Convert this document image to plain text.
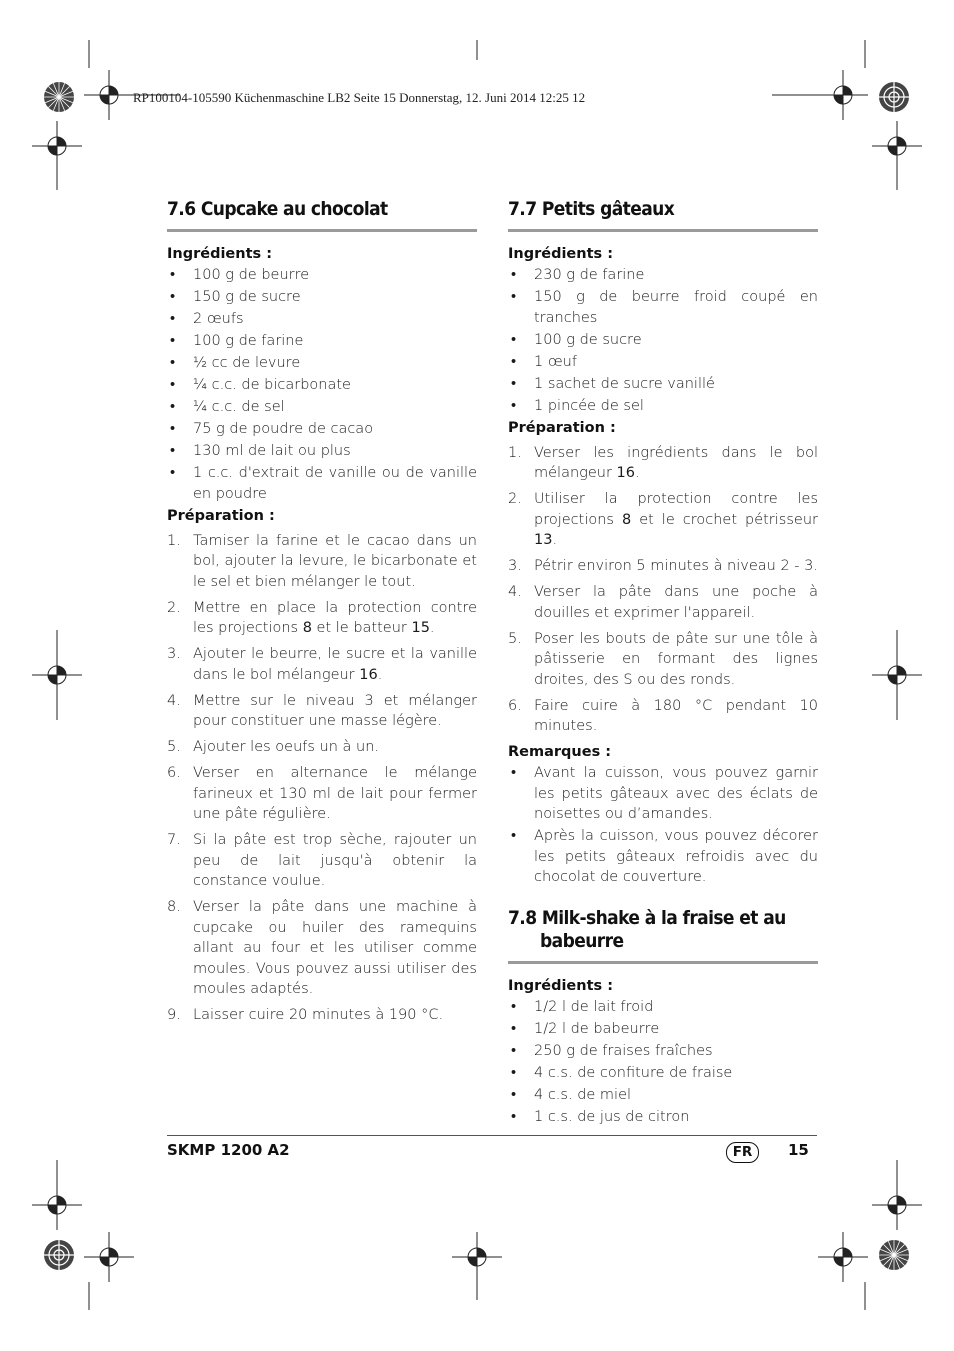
RP100104-105590 Küchenmaschine LB2 Seite 15 Donnerstag, 12. Juni 2014 12:25 12
7.6 Cupcake au chocolat
Ingrédients :
• 100 g de beurre
• 150 g de sucre
• 2 œufs
• 100 g de farine
• ½ cc de levure
• ¼ c.c. de bicarbonate
• ¼ c.c. de sel
• 75 g de poudre de cacao
• 130 ml de lait ou plus
• 1 c.c. d'extrait de vanille ou de vanille en poudre
Préparation :
1. Tamiser la farine et le cacao dans un bol, ajouter la levure, le bicarbonate et le sel et bien mélanger le tout.
2. Mettre en place la protection contre les projections 8 et le batteur 15.
3. Ajouter le beurre, le sucre et la vanille dans le bol mélangeur 16.
4. Mettre sur le niveau 3 et mélanger pour constituer une masse légère.
5. Ajouter les oeufs un à un.
6. Verser en alternance le mélange farineux et 130 ml de lait pour fermer une pâte régulière.
7. Si la pâte est trop sèche, rajouter un peu de lait jusqu'à obtenir la constance voulue.
8. Verser la pâte dans une machine à cupcake ou huiler des ramequins allant au four et les utiliser comme moules. Vous pouvez aussi utiliser des moules adaptés.
9. Laisser cuire 20 minutes à 190 °C.
7.7 Petits gâteaux
Ingrédients :
• 230 g de farine
• 150 g de beurre froid coupé en tranches
• 100 g de sucre
• 1 œuf
• 1 sachet de sucre vanillé
• 1 pincée de sel
Préparation :
1. Verser les ingrédients dans le bol mélangeur 16.
2. Utiliser la protection contre les projections 8 et le crochet pétrisseur 13.
3. Pétrir environ 5 minutes à niveau 2 - 3.
4. Verser la pâte dans une poche à douilles et exprimer l'appareil.
5. Poser les bouts de pâte sur une tôle à pâtisserie en formant des lignes droites, des S ou des ronds.
6. Faire cuire à 180 °C pendant 10 minutes.
Remarques :
• Avant la cuisson, vous pouvez garnir les petits gâteaux avec des éclats de noisettes ou d’amandes.
• Après la cuisson, vous pouvez décorer les petits gâteaux refroidis avec du chocolat de couverture.
7.8 Milk-shake à la fraise et au
babeurre
Ingrédients :
• 1/2 l de lait froid
• 1/2 l de babeurre
• 250 g de fraises fraîches
• 4 c.s. de confiture de fraise
• 4 c.s. de miel
• 1 c.s. de jus de citron
SKMP 1200 A2	FR	15
